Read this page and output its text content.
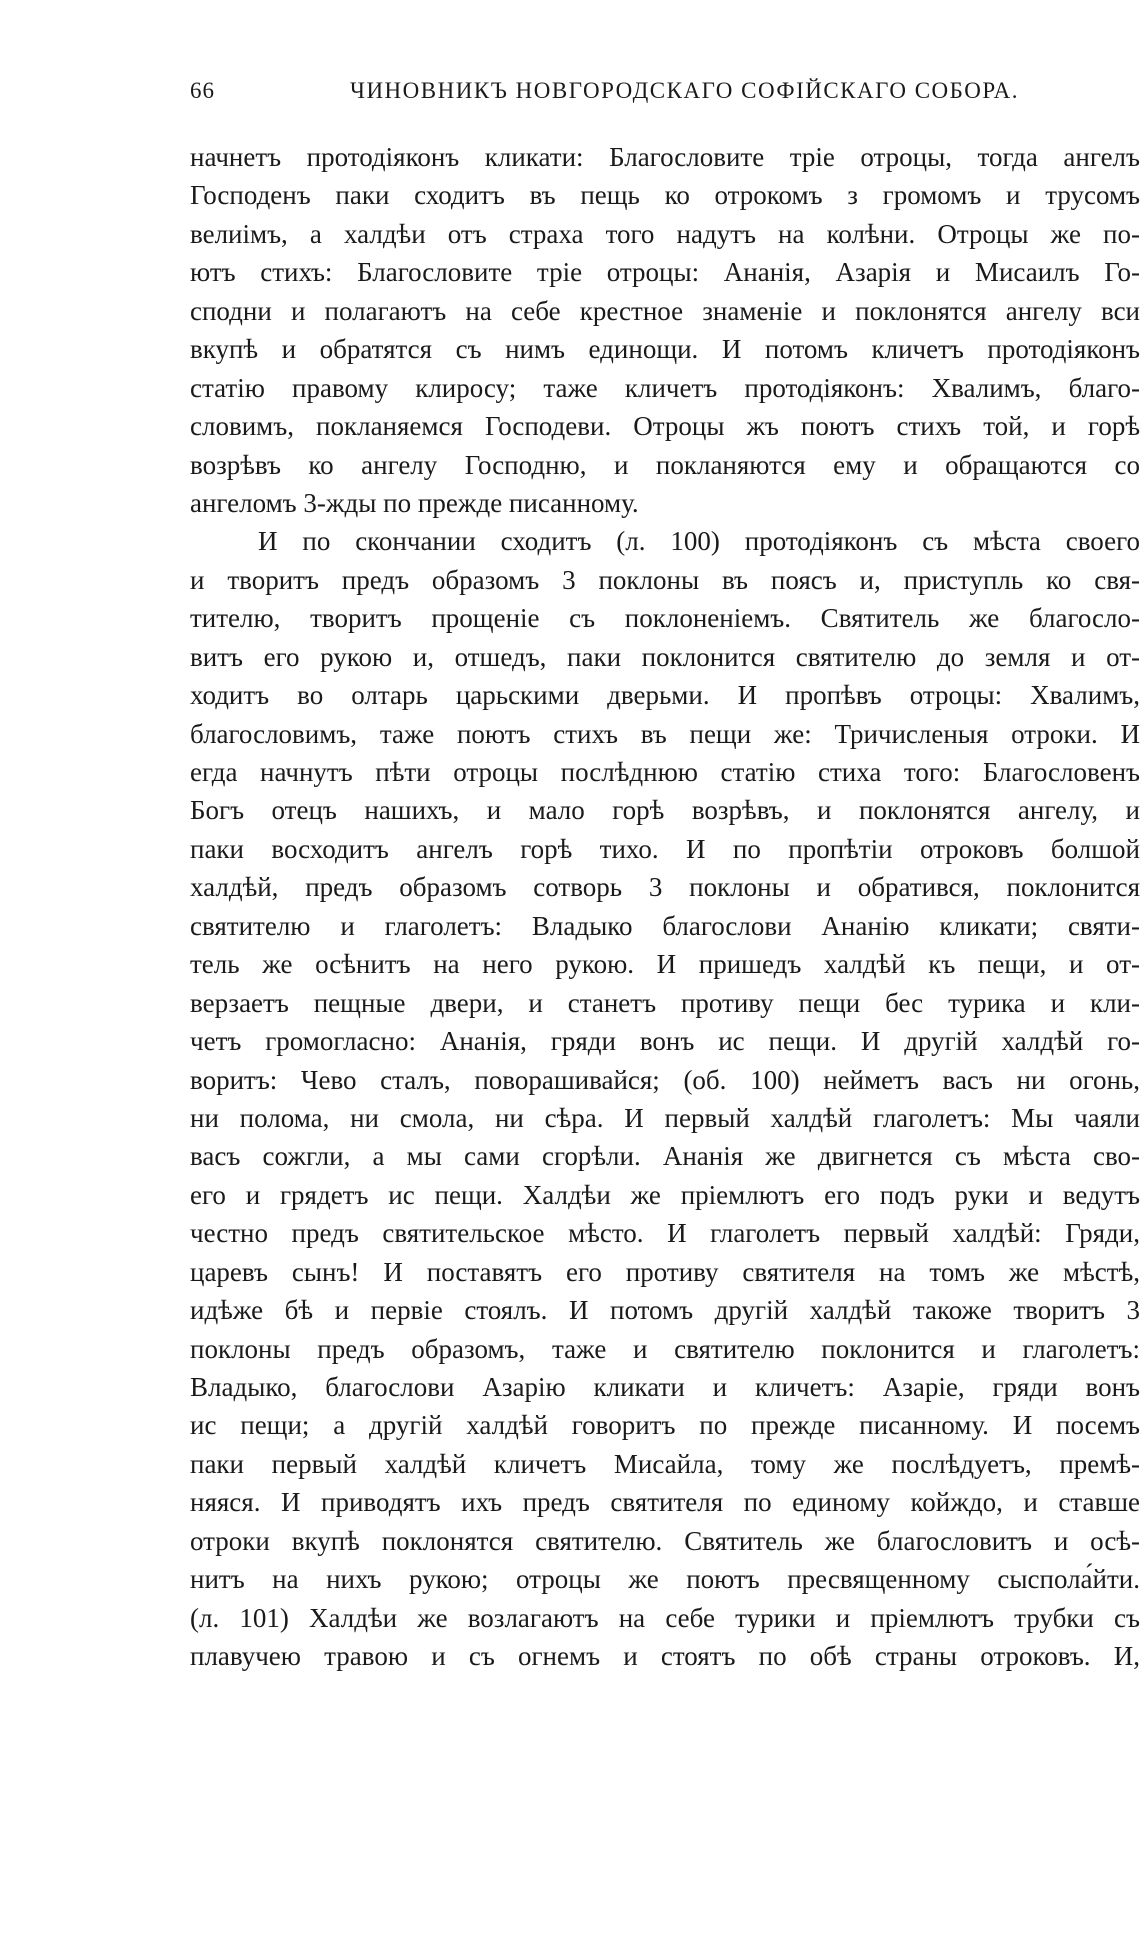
66	ЧИНОВНИКЪ НОВГОРОДСКАГО СОФІЙСКАГО СОБОРА.
начнетъ протодіяконъ кликати: Благословите тріе отроцы, тогда ангелъ
Господенъ паки сходитъ въ пещь ко отрокомъ з громомъ и трусомъ
велиімъ, а халдѣи отъ страха того надутъ на колѣни. Отроцы же по-
ютъ стихъ: Благословите тріе отроцы: Ананія, Азарія и Мисаилъ Го-
сподни и полагаютъ на себе крестное знаменіе и поклонятся ангелу вси
вкупѣ и обратятся съ нимъ единощи. И потомъ кличетъ протодіяконъ
статію правому клиросу; таже кличетъ протодіяконъ: Хвалимъ, благо-
словимъ, покланяемся Господеви. Отроцы жъ поютъ стихъ той, и горѣ
возрѣвъ ко ангелу Господню, и покланяются ему и обращаются со
ангеломъ 3-жды по прежде писанному.
И по скончании сходитъ (л. 100) протодіяконъ съ мѣста своего
и творитъ предъ образомъ 3 поклоны въ поясъ и, приступль ко свя-
тителю, творитъ прощеніе съ поклоненіемъ. Святитель же благосло-
витъ его рукою и, отшедъ, паки поклонится святителю до земля и от-
ходитъ во олтарь царьскими дверьми. И пропѣвъ отроцы: Хвалимъ,
благословимъ, таже поютъ стихъ въ пещи же: Тричисленыя отроки. И
егда начнутъ пѣти отроцы послѣднюю статію стиха того: Благословенъ
Богъ отецъ нашихъ, и мало горѣ возрѣвъ, и поклонятся ангелу, и
паки восходитъ ангелъ горѣ тихо. И по пропѣтіи отроковъ болшой
халдѣй, предъ образомъ сотворь 3 поклоны и обратився, поклонится
святителю и глаголетъ: Владыко благослови Ананію кликати; святи-
тель же осѣнитъ на него рукою. И пришедъ халдѣй къ пещи, и от-
верзаетъ пещные двери, и станетъ противу пещи бес турика и кли-
четъ громогласно: Ананія, гряди вонъ ис пещи. И другій халдѣй го-
воритъ: Чево сталъ, поворашивайся; (об. 100) нейметъ васъ ни огонь,
ни полома, ни смола, ни сѣра. И первый халдѣй глаголетъ: Мы чаяли
васъ сожгли, а мы сами сгорѣли. Ананія же двигнется съ мѣста сво-
его и грядетъ ис пещи. Халдѣи же пріемлютъ его подъ руки и ведутъ
честно предъ святительское мѣсто. И глаголетъ первый халдѣй: Гряди,
царевъ сынъ! И поставятъ его противу святителя на томъ же мѣстѣ,
идѣже бѣ и первіе стоялъ. И потомъ другій халдѣй такоже творитъ 3
поклоны предъ образомъ, таже и святителю поклонится и глаголетъ:
Владыко, благослови Азарію кликати и кличетъ: Азаріе, гряди вонъ
ис пещи; а другій халдѣй говоритъ по прежде писанному. И посемъ
паки первый халдѣй кличетъ Мисайла, тому же послѣдуетъ, премѣ-
няяся. И приводятъ ихъ предъ святителя по единому койждо, и ставше
отроки вкупѣ поклонятся святителю. Святитель же благословитъ и осѣ-
нитъ на нихъ рукою; отроцы же поютъ пресвященному сыспола́йти.
(л. 101) Халдѣи же возлагаютъ на себе турики и пріемлютъ трубки съ
плавучею травою и съ огнемъ и стоятъ по обѣ страны отроковъ. И,
